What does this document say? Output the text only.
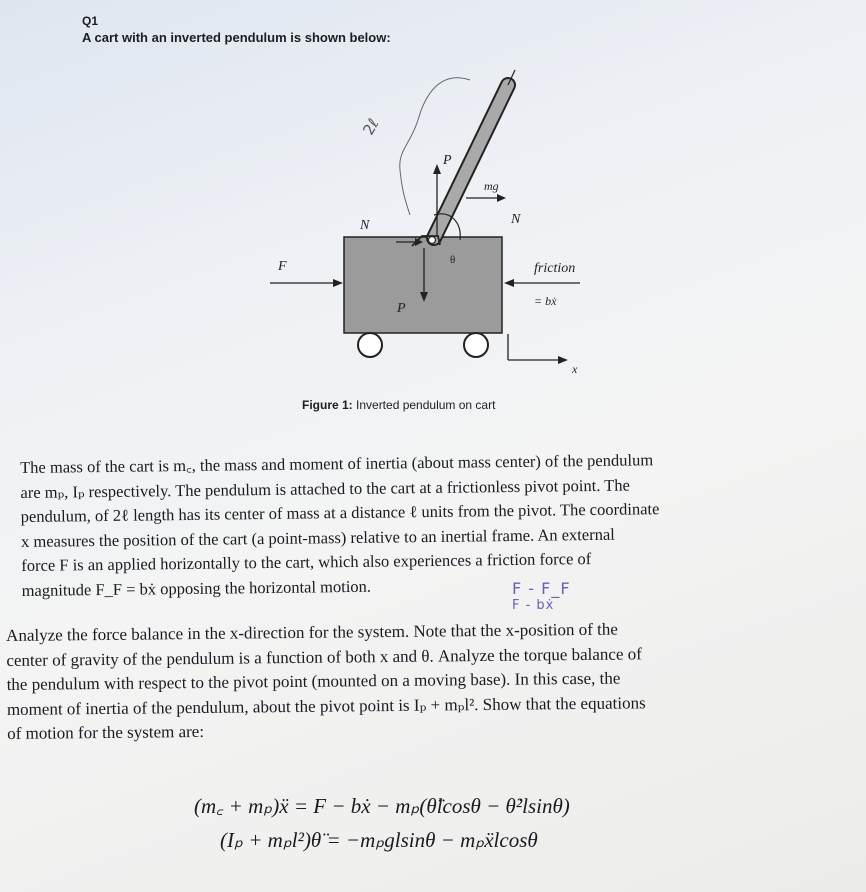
Q1
A cart with an inverted pendulum is shown below:
2ℓ
θ
P
mg
N
N
P
F	friction
= bẋ
x
Figure 1: Inverted pendulum on cart
The mass of the cart is m꜀, the mass and moment of inertia (about mass center) of the pendulum
are mₚ, Iₚ respectively. The pendulum is attached to the cart at a frictionless pivot point. The
pendulum, of 2ℓ length has its center of mass at a distance ℓ units from the pivot. The coordinate
x measures the position of the cart (a point-mass) relative to an inertial frame. An external
force F is an applied horizontally to the cart, which also experiences a friction force of
magnitude F_F = bẋ opposing the horizontal motion.	F - F_F
F - bẋ
Analyze the force balance in the x-direction for the system. Note that the x-position of the
center of gravity of the pendulum is a function of both x and θ. Analyze the torque balance of
the pendulum with respect to the pivot point (mounted on a moving base). In this case, the
moment of inertia of the pendulum, about the pivot point is Iₚ + mₚl². Show that the equations
of motion for the system are:
(m꜀ + mₚ)ẍ = F − bẋ − mₚ(θ̈lcosθ − θ̇²lsinθ)
(Iₚ + mₚl²)θ̈ = −mₚglsinθ − mₚẍlcosθ
